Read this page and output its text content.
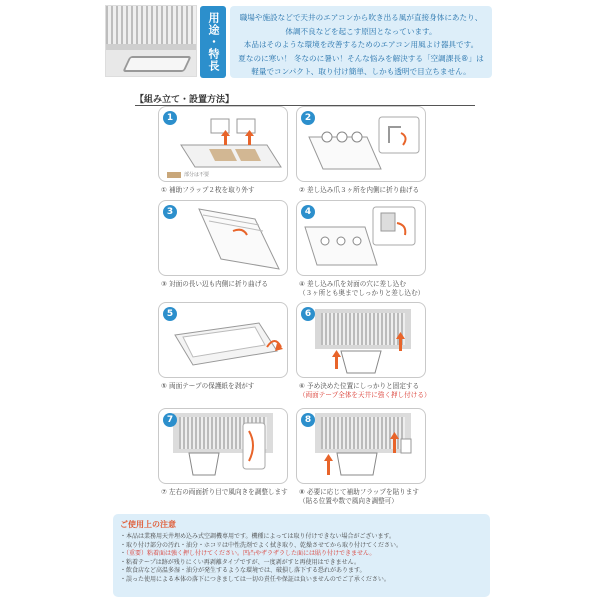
用途・特長	職場や施設などで天井のエアコンから吹き出る風が直接身体にあたり、

体調不良などを起こす原因となっています。

本品はそのような環境を改善するためのエアコン用風よけ器具です。

夏なのに寒い！ 冬なのに暑い！そんな悩みを解決する「空調課長®」は

軽量でコンパクト、取り付け簡単、しかも透明で目立ちません。

【組み立て・設置方法】
1
部分は不要
① 補助フラップ２枚を取り外す
2
② 差し込み爪３ヶ所を内側に折り曲げる
3
③ 対面の長い辺も内側に折り曲げる
4
④ 差し込み爪を対面の穴に差し込む
（３ヶ所とも奥までしっかりと差し込む）
5
⑤ 両面テープの保護紙を剥がす
6
⑥ 予め決めた位置にしっかりと固定する
（両面テープ全体を天井に強く押し付ける）
7
⑦ 左右の両面折り目で風向きを調整します
8
⑧ 必要に応じて補助フラップを貼ります
（貼る位置や数で風向き調整可）
ご使用上の注意
・本品は業務用天井埋め込み式空調機専用です。機種によっては取り付けできない場合がございます。
・取り付け部分の汚れ・油分・ホコリは中性洗剤でよく拭き取り、乾燥させてから取り付けてください。
・（重要）粘着面は強く押し付けてください。凹凸やザラザラした面には貼り付けできません。
・粘着テープは跡が残りにくい再剥離タイプですが、一度剥がすと再使用はできません。
・飲食店など高温多湿・油分が発生するような環境では、破損し落下する恐れがあります。
・誤った使用による本体の落下につきましては一切の責任や保証は負いませんのでご了承ください。
